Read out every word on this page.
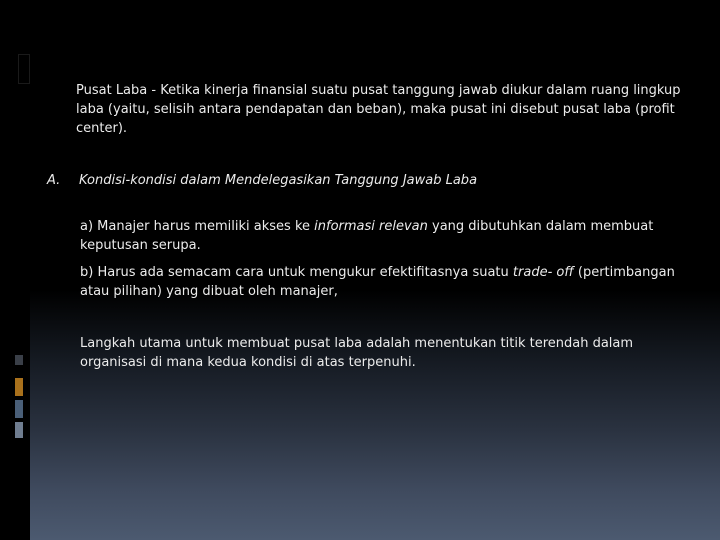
Pusat Laba - Ketika kinerja finansial suatu pusat tanggung jawab diukur dalam ruang lingkup laba (yaitu, selisih antara pendapatan dan beban), maka pusat ini disebut pusat laba (profit center).

A. Kondisi-kondisi dalam Mendelegasikan Tanggung Jawab Laba

a) Manajer harus memiliki akses ke informasi relevan yang dibutuhkan dalam membuat keputusan serupa.

b) Harus ada semacam cara untuk mengukur efektifitasnya suatu trade- off (pertimbangan atau pilihan) yang dibuat oleh manajer,

Langkah utama untuk membuat pusat laba adalah menentukan titik terendah dalam organisasi di mana kedua kondisi di atas terpenuhi.
